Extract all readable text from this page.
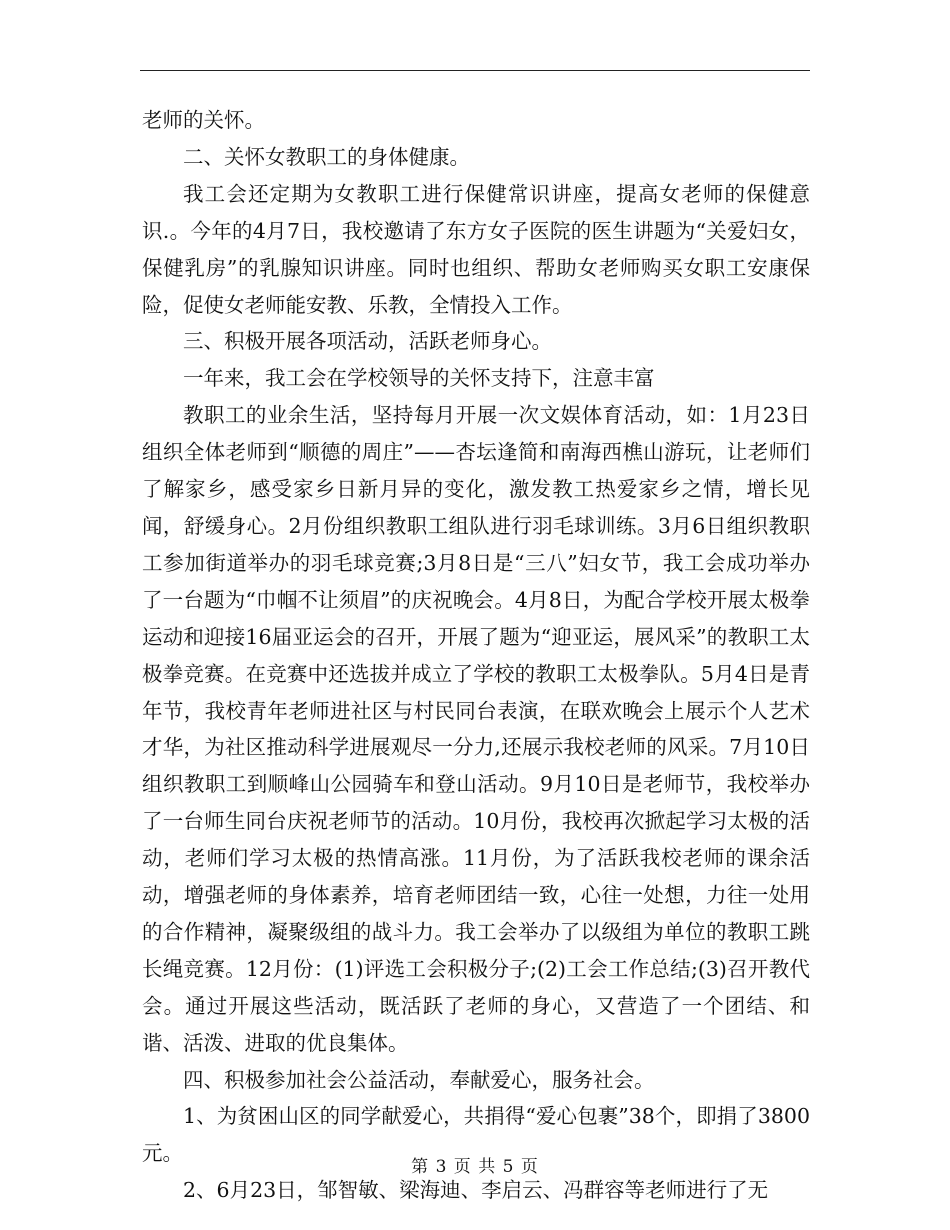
老师的关怀。

二、关怀女教职工的身体健康。

我工会还定期为女教职工进行保健常识讲座，提高女老师的保健意识.。今年的4月7日，我校邀请了东方女子医院的医生讲题为“关爱妇女，保健乳房”的乳腺知识讲座。同时也组织、帮助女老师购买女职工安康保险，促使女老师能安教、乐教，全情投入工作。

三、积极开展各项活动，活跃老师身心。

一年来，我工会在学校领导的关怀支持下，注意丰富

教职工的业余生活，坚持每月开展一次文娱体育活动，如：1月23日组织全体老师到“顺德的周庄”——杏坛逢简和南海西樵山游玩，让老师们了解家乡，感受家乡日新月异的变化，激发教工热爱家乡之情，增长见闻，舒缓身心。2月份组织教职工组队进行羽毛球训练。3月6日组织教职工参加街道举办的羽毛球竞赛;3月8日是“三八”妇女节，我工会成功举办了一台题为“巾帼不让须眉”的庆祝晚会。4月8日，为配合学校开展太极拳运动和迎接16届亚运会的召开，开展了题为“迎亚运，展风采”的教职工太极拳竞赛。在竞赛中还选拔并成立了学校的教职工太极拳队。5月4日是青年节，我校青年老师进社区与村民同台表演，在联欢晚会上展示个人艺术才华，为社区推动科学进展观尽一分力,还展示我校老师的风采。7月10日组织教职工到顺峰山公园骑车和登山活动。9月10日是老师节，我校举办了一台师生同台庆祝老师节的活动。10月份，我校再次掀起学习太极的活动，老师们学习太极的热情高涨。11月份，为了活跃我校老师的课余活动，增强老师的身体素养，培育老师团结一致，心往一处想，力往一处用的合作精神，凝聚级组的战斗力。我工会举办了以级组为单位的教职工跳长绳竞赛。12月份：(1)评选工会积极分子;(2)工会工作总结;(3)召开教代会。通过开展这些活动，既活跃了老师的身心，又营造了一个团结、和谐、活泼、进取的优良集体。

四、积极参加社会公益活动，奉献爱心，服务社会。

1、为贫困山区的同学献爱心，共捐得“爱心包裹”38个，即捐了3800元。

2、6月23日，邹智敏、梁海迪、李启云、冯群容等老师进行了无

第 3 页 共 5 页
